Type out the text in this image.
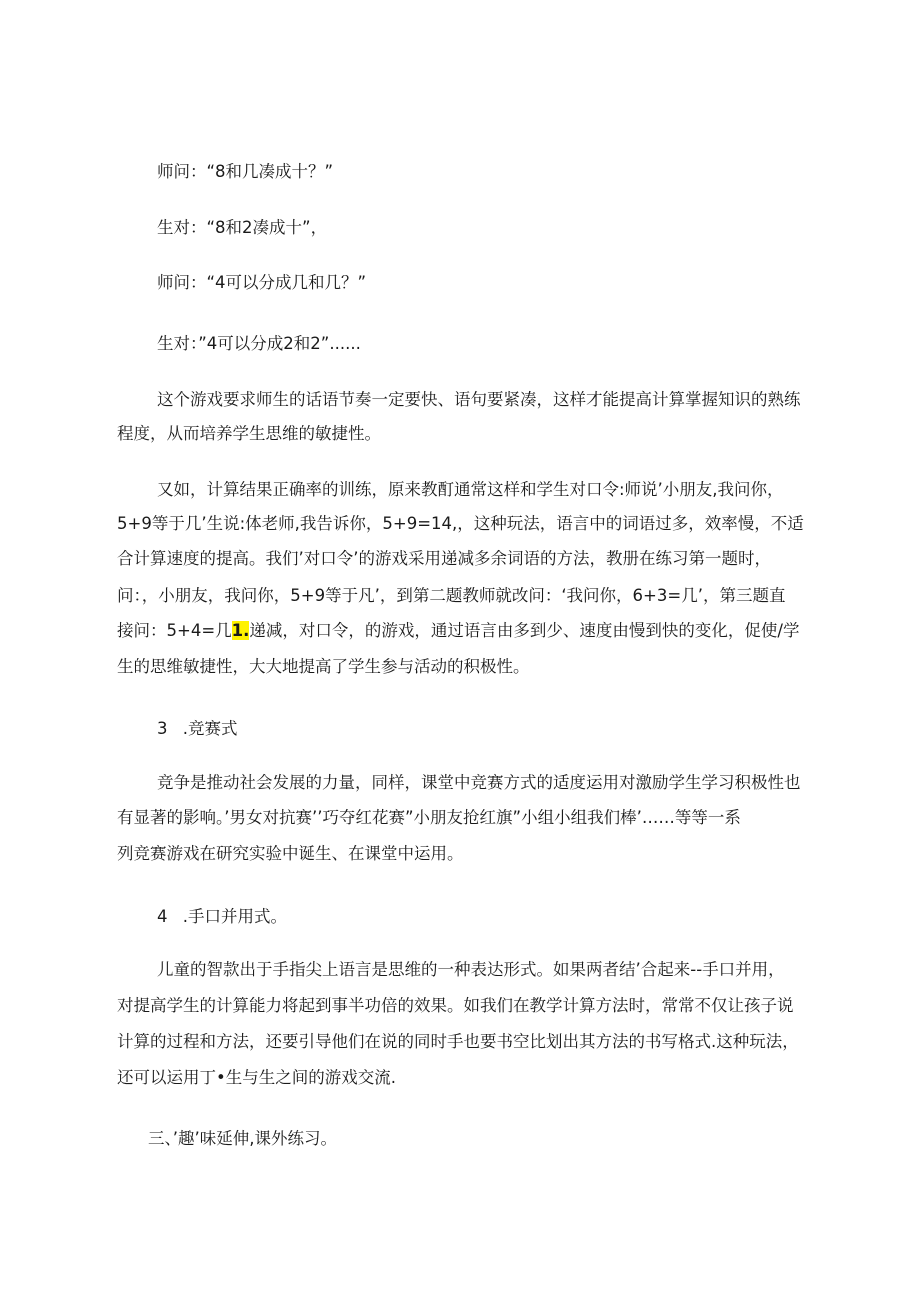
师问：“8和几凑成十？”
生对：“8和2凑成十”，
师问：“4可以分成几和几？”
生对：”4可以分成2和2”......
这个游戏要求师生的话语节奏一定要快、语句要紧凑，这样才能提高计算掌握知识的熟练
程度，从而培养学生思维的敏捷性。
又如，计算结果正确率的训练，原来教酊通常这样和学生对口令:师说’小朋友,我问你，
5+9等于几’生说:体老师,我告诉你，5+9=14,，这种玩法，语言中的词语过多，效率慢，不适
合计算速度的提高。我们’对口令’的游戏采用递减多余词语的方法，教册在练习第一题时，
问：，小朋友，我问你，5+9等于凡’，到第二题教师就改问：‘我问你，6+3=几’，第三题直
接问：5+4=几1.递减，对口令，的游戏，通过语言由多到少、速度由慢到快的变化，促使/学
生的思维敏捷性，大大地提高了学生参与活动的积极性。
3 .竞赛式
竞争是推动社会发展的力量，同样，课堂中竞赛方式的适度运用对激励学生学习积极性也
有显著的影响。’男女对抗赛’’巧夺红花赛”小朋友抢红旗”小组小组我们棒’……等等一系
列竞赛游戏在研究实验中诞生、在课堂中运用。
4 .手口并用式。
儿童的智款出于手指尖上语言是思维的一种表达形式。如果两者结’合起来--手口并用，
对提高学生的计算能力将起到事半功倍的效果。如我们在教学计算方法时，常常不仅让孩子说
计算的过程和方法，还要引导他们在说的同时手也要书空比划出其方法的书写格式.这种玩法，
还可以运用丁•生与生之间的游戏交流.
三、’趣’味延伸,课外练习。
